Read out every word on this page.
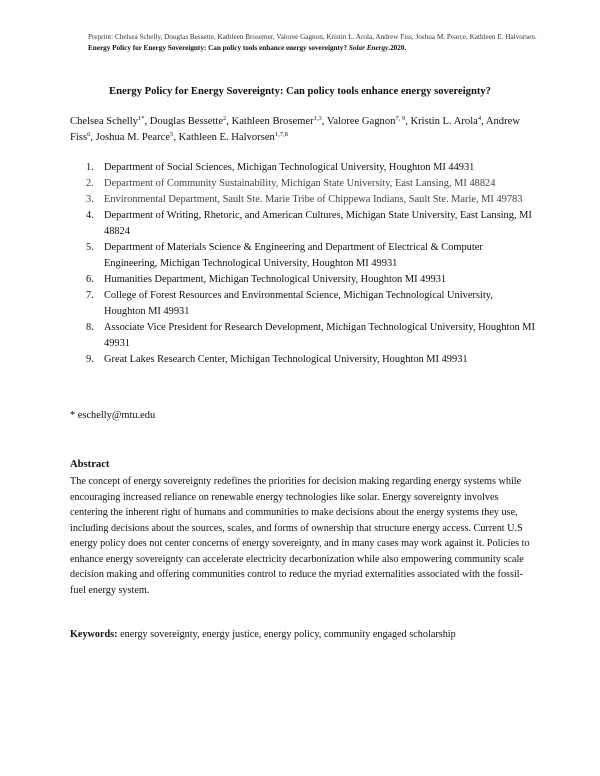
Preprint: Chelsea Schelly, Douglas Bessette, Kathleen Brosemer, Valoree Gagnon, Kristin L. Arola, Andrew Fiss, Joshua M. Pearce, Kathleen E. Halvorsen. Energy Policy for Energy Sovereignty: Can policy tools enhance energy sovereignty? Solar Energy.2020.
Energy Policy for Energy Sovereignty: Can policy tools enhance energy sovereignty?
Chelsea Schelly$^{1*}$, Douglas Bessette$^2$, Kathleen Brosemer$^{1,3}$, Valoree Gagnon$^{7, 9}$, Kristin L. Arola$^4$, Andrew Fiss$^6$, Joshua M. Pearce$^5$, Kathleen E. Halvorsen$^{1,7,8}$
1. Department of Social Sciences, Michigan Technological University, Houghton MI 44931
2. Department of Community Sustainability, Michigan State University, East Lansing, MI 48824
3. Environmental Department, Sault Ste. Marie Tribe of Chippewa Indians, Sault Ste. Marie, MI 49783
4. Department of Writing, Rhetoric, and American Cultures, Michigan State University, East Lansing, MI 48824
5. Department of Materials Science & Engineering and Department of Electrical & Computer Engineering, Michigan Technological University, Houghton MI 49931
6. Humanities Department, Michigan Technological University, Houghton MI 49931
7. College of Forest Resources and Environmental Science, Michigan Technological University, Houghton MI 49931
8. Associate Vice President for Research Development, Michigan Technological University, Houghton MI 49931
9. Great Lakes Research Center, Michigan Technological University, Houghton MI 49931
* eschelly@mtu.edu
Abstract

The concept of energy sovereignty redefines the priorities for decision making regarding energy systems while encouraging increased reliance on renewable energy technologies like solar. Energy sovereignty involves centering the inherent right of humans and communities to make decisions about the energy systems they use, including decisions about the sources, scales, and forms of ownership that structure energy access. Current U.S energy policy does not center concerns of energy sovereignty, and in many cases may work against it. Policies to enhance energy sovereignty can accelerate electricity decarbonization while also empowering community scale decision making and offering communities control to reduce the myriad externalities associated with the fossil-fuel energy system.

Keywords: energy sovereignty, energy justice, energy policy, community engaged scholarship
